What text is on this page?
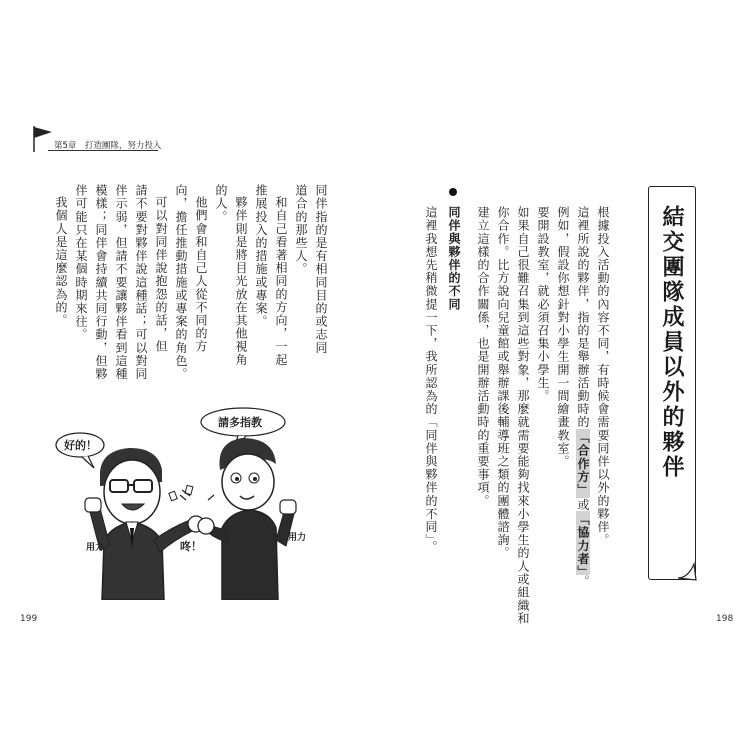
第5章　打造團隊，努力投入
同伴指的是有相同目的或志同
道合的那些人。
和自己看著相同的方向，一起
推展投入的措施或專案。
夥伴則是將目光放在其他視角
的人。
他們會和自己人從不同的方
向，擔任推動措施或專案的角色。
可以對同伴說抱怨的話，但
請不要對夥伴說這種話；可以對同
伴示弱，但請不要讓夥伴看到這種
模樣；同伴會持續共同行動，但夥
伴可能只在某個時期來往。
我個人是這麼認為的。
好的！
請多指教
用力
用力
咚！
199
結交團隊成員以外的夥伴
根據投入活動的內容不同，有時候會需要同伴以外的夥伴。
這裡所說的夥伴，指的是舉辦活動時的「合作方」或「協力者」。
例如，假設你想針對小學生開一間繪畫教室。
要開設教室，就必須召集小學生。
如果自己很難召集到這些對象，那麼就需要能夠找來小學生的人或組織和
你合作。比方說向兒童館或舉辦課後輔導班之類的團體諮詢。
建立這樣的合作關係，也是開辦活動時的重要事項。
同伴與夥伴的不同
這裡我想先稍微提一下，我所認為的「同伴與夥伴的不同」。
198
